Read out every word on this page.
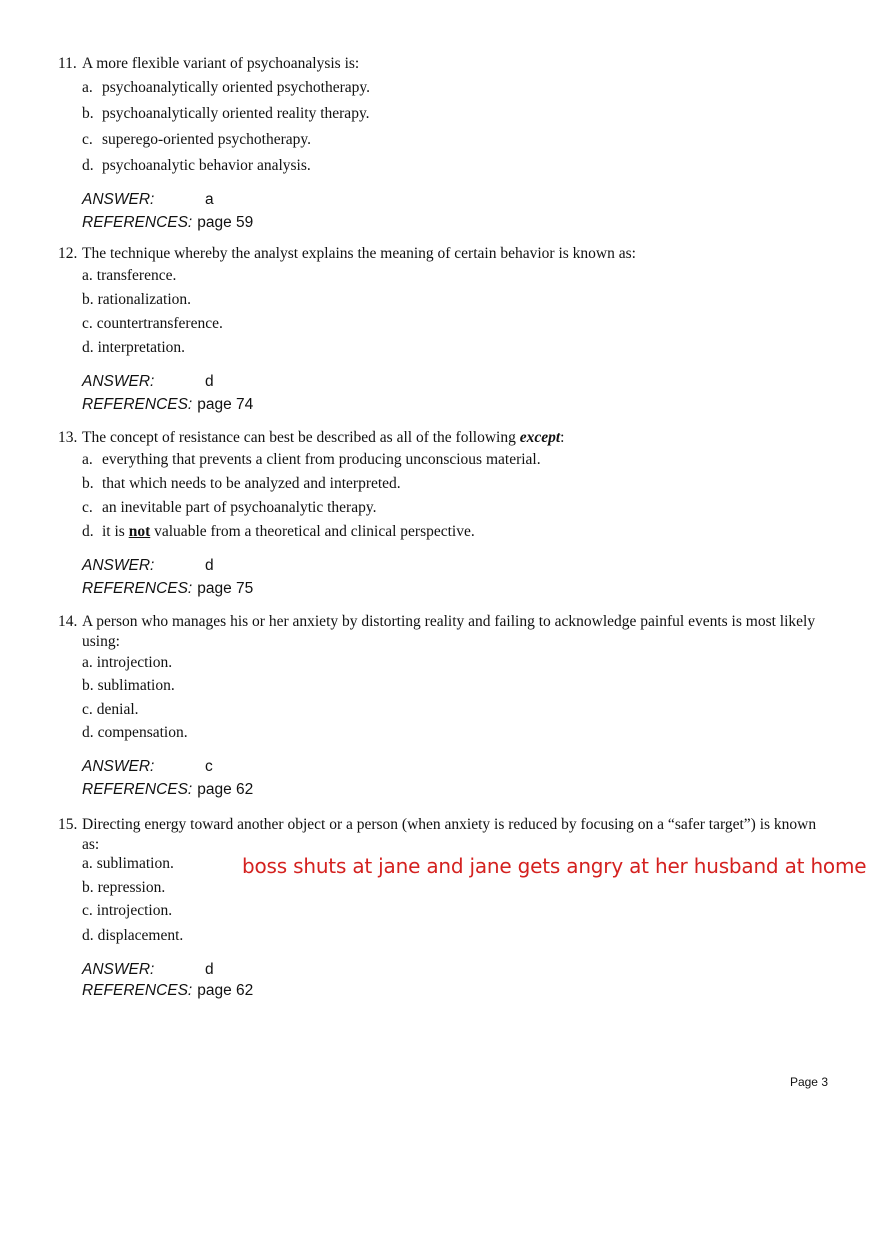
11. A more flexible variant of psychoanalysis is:
a. psychoanalytically oriented psychotherapy.
b. psychoanalytically oriented reality therapy.
c. superego-oriented psychotherapy.
d. psychoanalytic behavior analysis.
ANSWER:	a
REFERENCES: page 59
12. The technique whereby the analyst explains the meaning of certain behavior is known as:
a. transference.
b. rationalization.
c. countertransference.
d. interpretation.
ANSWER:	d
REFERENCES: page 74
13. The concept of resistance can best be described as all of the following except:
a. everything that prevents a client from producing unconscious material.
b. that which needs to be analyzed and interpreted.
c. an inevitable part of psychoanalytic therapy.
d. it is not valuable from a theoretical and clinical perspective.
ANSWER:	d
REFERENCES: page 75
14. A person who manages his or her anxiety by distorting reality and failing to acknowledge painful events is most likely using:
a. introjection.
b. sublimation.
c. denial.
d. compensation.
ANSWER:	c
REFERENCES: page 62
15. Directing energy toward another object or a person (when anxiety is reduced by focusing on a “safer target”) is known as:
a. sublimation.
b. repression.
c. introjection.
d. displacement.
ANSWER:	d
REFERENCES: page 62
boss shuts at jane and jane gets angry at her husband at home
Page 3
